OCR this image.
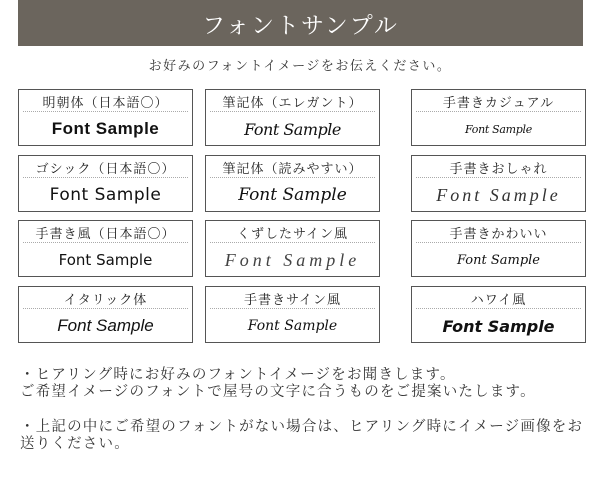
フォントサンプル
お好みのフォントイメージをお伝えください。
明朝体（日本語〇）
Font Sample
筆記体（エレガント）
Font Sample
手書きカジュアル
Font Sample
ゴシック（日本語〇）
Font Sample
筆記体（読みやすい）
Font Sample
手書きおしゃれ
Font Sample
手書き風（日本語〇）
Font Sample
くずしたサイン風
Font Sample
手書きかわいい
Font Sample
イタリック体
Font Sample
手書きサイン風
Font Sample
ハワイ風
Font Sample

・ヒアリング時にお好みのフォントイメージをお聞きします。
ご希望イメージのフォントで屋号の文字に合うものをご提案いたします。

・上記の中にご希望のフォントがない場合は、ヒアリング時にイメージ画像をお送りください。
